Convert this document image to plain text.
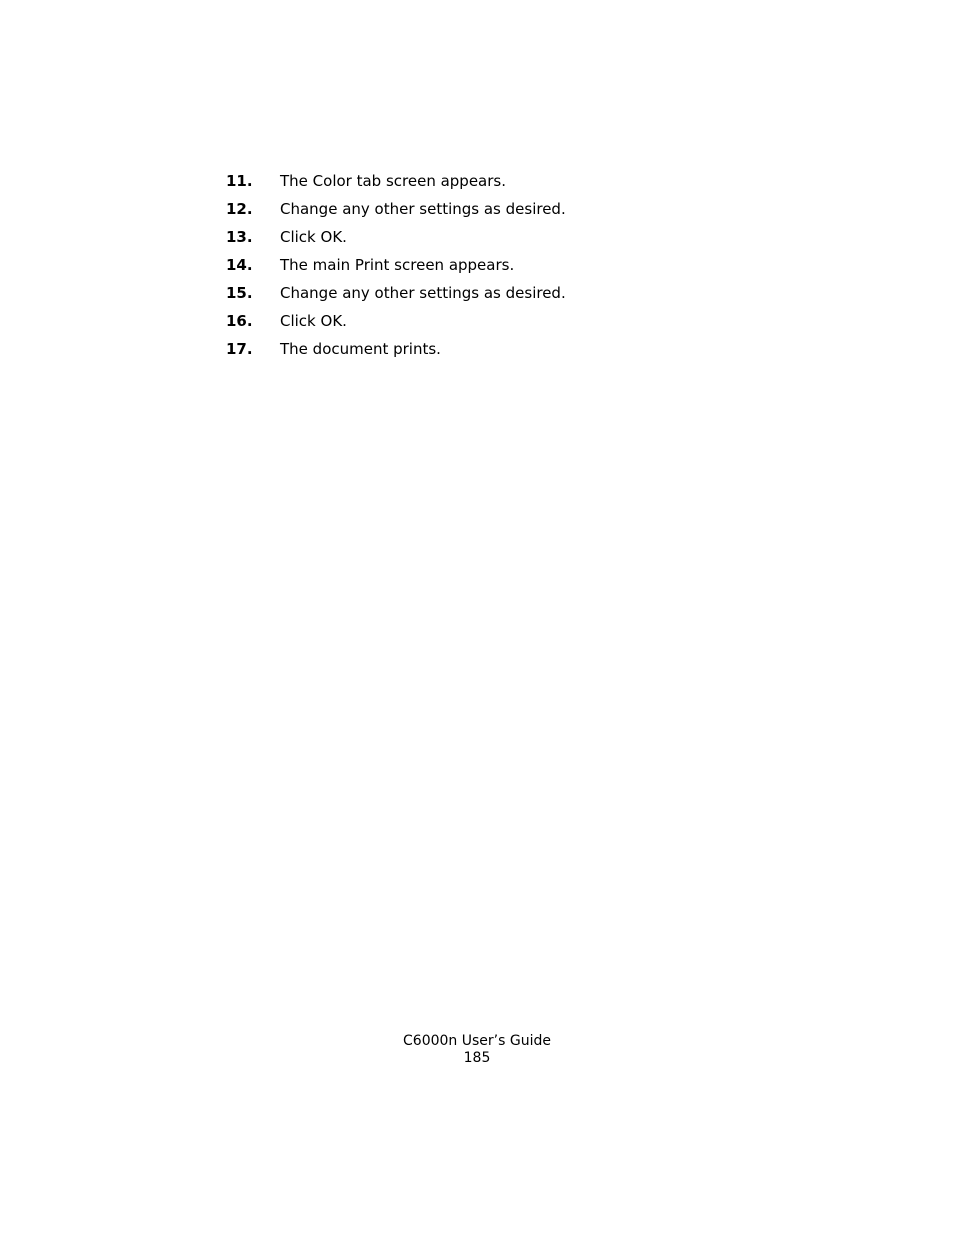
11.	The Color tab screen appears.
12.	Change any other settings as desired.
13.	Click OK.
14.	The main Print screen appears.
15.	Change any other settings as desired.
16.	Click OK.
17.	The document prints.
C6000n User’s Guide
185
